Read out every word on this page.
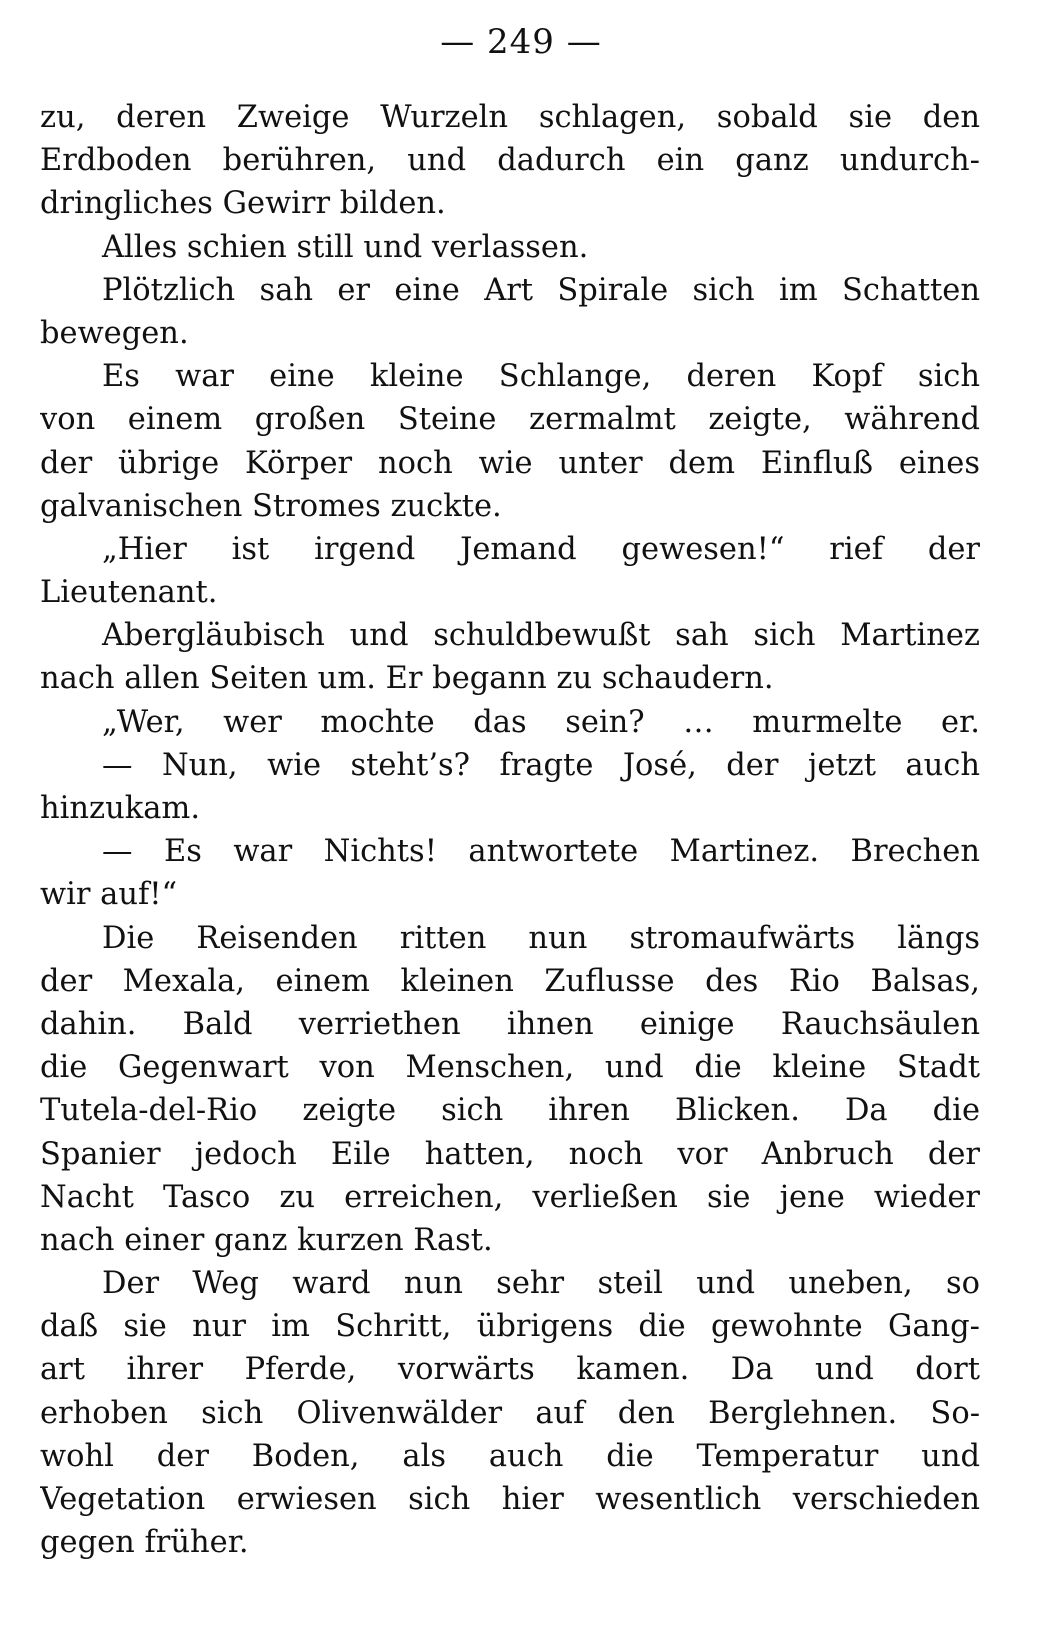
— 249 —
zu, deren Zweige Wurzeln schlagen, sobald sie den
Erdboden berühren, und dadurch ein ganz undurch-
dringliches Gewirr bilden.
Alles schien still und verlassen.
Plötzlich sah er eine Art Spirale sich im Schatten
bewegen.
Es war eine kleine Schlange, deren Kopf sich
von einem großen Steine zermalmt zeigte, während
der übrige Körper noch wie unter dem Einfluß eines
galvanischen Stromes zuckte.
„Hier ist irgend Jemand gewesen!“ rief der
Lieutenant.
Abergläubisch und schuldbewußt sah sich Martinez
nach allen Seiten um. Er begann zu schaudern.
„Wer, wer mochte das sein? … murmelte er.
— Nun, wie steht’s? fragte José, der jetzt auch
hinzukam.
— Es war Nichts! antwortete Martinez. Brechen
wir auf!“
Die Reisenden ritten nun stromaufwärts längs
der Mexala, einem kleinen Zuflusse des Rio Balsas,
dahin. Bald verriethen ihnen einige Rauchsäulen
die Gegenwart von Menschen, und die kleine Stadt
Tutela-del-Rio zeigte sich ihren Blicken. Da die
Spanier jedoch Eile hatten, noch vor Anbruch der
Nacht Tasco zu erreichen, verließen sie jene wieder
nach einer ganz kurzen Rast.
Der Weg ward nun sehr steil und uneben, so
daß sie nur im Schritt, übrigens die gewohnte Gang-
art ihrer Pferde, vorwärts kamen. Da und dort
erhoben sich Olivenwälder auf den Berglehnen. So-
wohl der Boden, als auch die Temperatur und
Vegetation erwiesen sich hier wesentlich verschieden
gegen früher.
